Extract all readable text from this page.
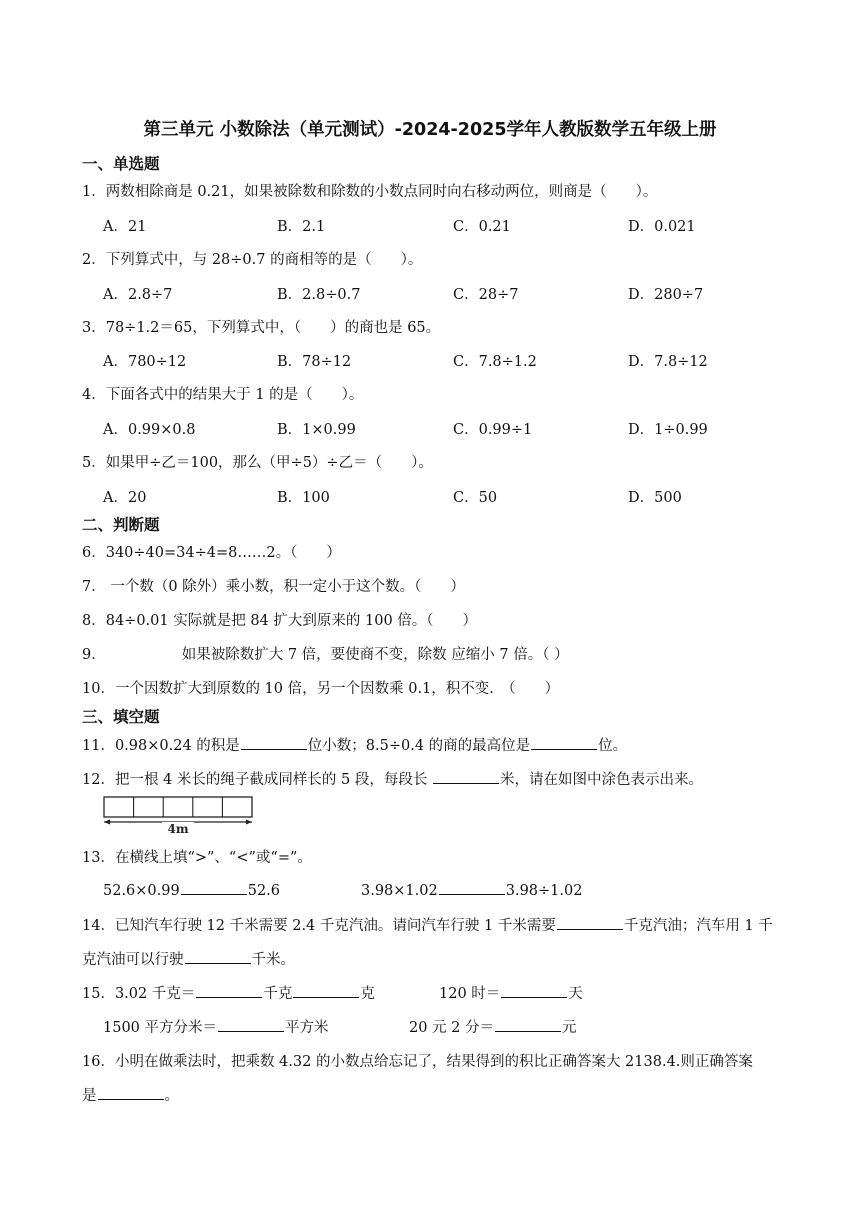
第三单元 小数除法（单元测试）-2024-2025学年人教版数学五年级上册
一、单选题
1．两数相除商是 0.21，如果被除数和除数的小数点同时向右移动两位，则商是（　　）。
A．21	B．2.1	C．0.21	D．0.021
2．下列算式中，与 28÷0.7 的商相等的是（　　）。
A．2.8÷7	B．2.8÷0.7	C．28÷7	D．280÷7
3．78÷1.2＝65，下列算式中，（　　）的商也是 65。
A．780÷12	B．78÷12	C．7.8÷1.2	D．7.8÷12
4．下面各式中的结果大于 1 的是（　　）。
A．0.99×0.8	B．1×0.99	C．0.99÷1	D．1÷0.99
5．如果甲÷乙＝100，那么（甲÷5）÷乙＝（　　）。
A．20	B．100	C．50	D．500
二、判断题
6．340÷40=34÷4=8……2。（　　）
7． 一个数（0 除外）乘小数，积一定小于这个数。（　　）
8．84÷0.01 实际就是把 84 扩大到原来的 100 倍。（　　）
9．	如果被除数扩大 7 倍，要使商不变，除数 应缩小 7 倍。（ ）
10．一个因数扩大到原数的 10 倍，另一个因数乘 0.1，积不变.　（　　）
三、填空题
11．0.98×0.24 的积是	位小数；8.5÷0.4 的商的最高位是	位。
12．把一根 4 米长的绳子截成同样长的 5 段，每段长	米，请在如图中涂色表示出来。
4m
13．在横线上填“>”、“<”或“=”。
52.6×0.99	52.6	3.98×1.02	3.98÷1.02
14．已知汽车行驶 12 千米需要 2.4 千克汽油。请问汽车行驶 1 千米需要	千克汽油；汽车用 1 千
克汽油可以行驶	千米。
15．3.02 千克＝	千克	克	120 时＝	天
1500 平方分米＝	平方米	20 元 2 分＝	元
16．小明在做乘法时，把乘数 4.32 的小数点给忘记了，结果得到的积比正确答案大 2138.4.则正确答案
是	。
